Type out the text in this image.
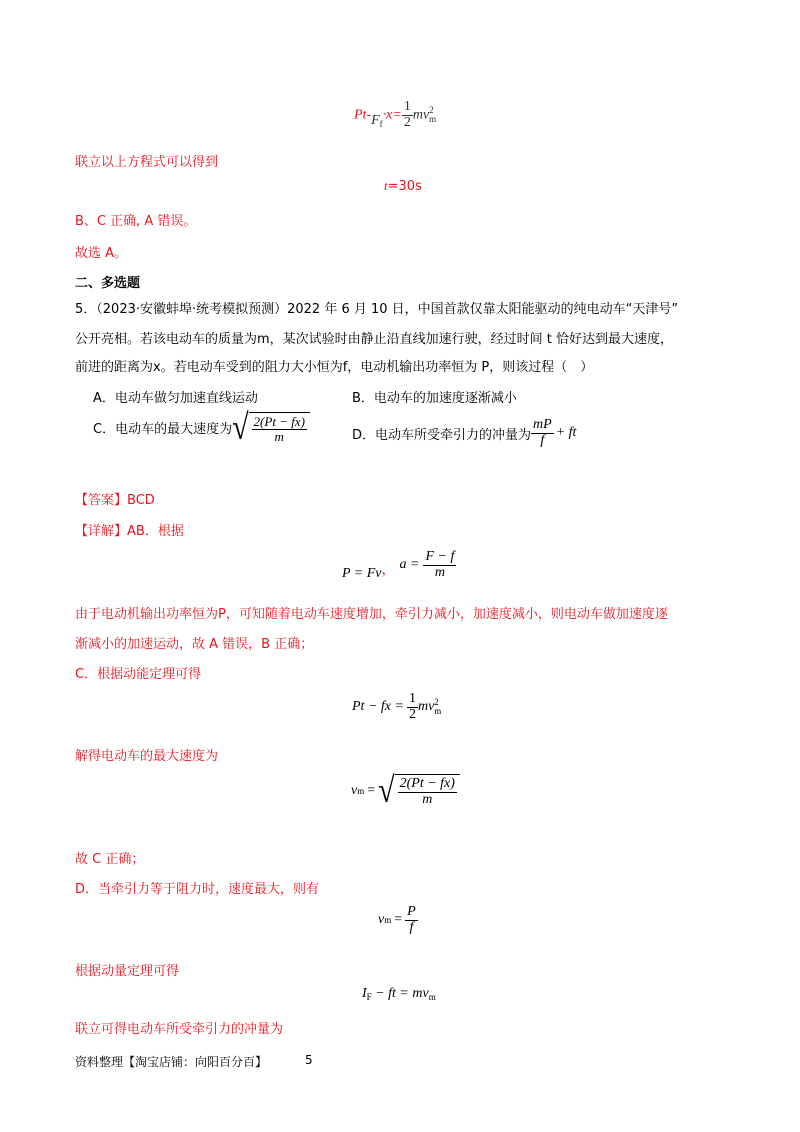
$Pt-F_f\cdot x= \frac{1}{2}$ mv 2
m
联立以上方程式可以得到
t=30s
B、C 正确, A 错误。
故选 A。
二、多选题
5．（2023·安徽蚌埠·统考模拟预测）2022 年 6 月 10 日，中国首款仅靠太阳能驱动的纯电动车“天津号”
公开亮相。若该电动车的质量为m，某次试验时由静止沿直线加速行驶，经过时间 t 恰好达到最大速度，
前进的距离为x。若电动车受到的阻力大小恒为f，电动机输出功率恒为 P，则该过程（　）
A．电动车做匀加速直线运动	B．电动车的加速度逐渐减小
C．电动车的最大速度为 √ $\frac{2(Pt - fx)}{m}$	D．电动车所受牵引力的冲量为 $\frac{mP}{f}$ + ft
【答案】BCD
【详解】AB．根据
P = Fv ， $a = \frac{F - f}{m}$
由于电动机输出功率恒为P，可知随着电动车速度增加，牵引力减小，加速度减小，则电动车做加速度逐
渐减小的加速运动，故 A 错误，B 正确；
C．根据动能定理可得
Pt − fx = $\frac{1}{2}$ mv 2
m
解得电动车的最大速度为
v m = √ $\frac{2(Pt - fx)}{m}$
故 C 正确；
D．当牵引力等于阻力时，速度最大，则有
v $m = \frac{P}{f}$
根据动量定理可得
$I_F$ − ft = $mv_m$
联立可得电动车所受牵引力的冲量为
资料整理【淘宝店铺：向阳百分百】	5
